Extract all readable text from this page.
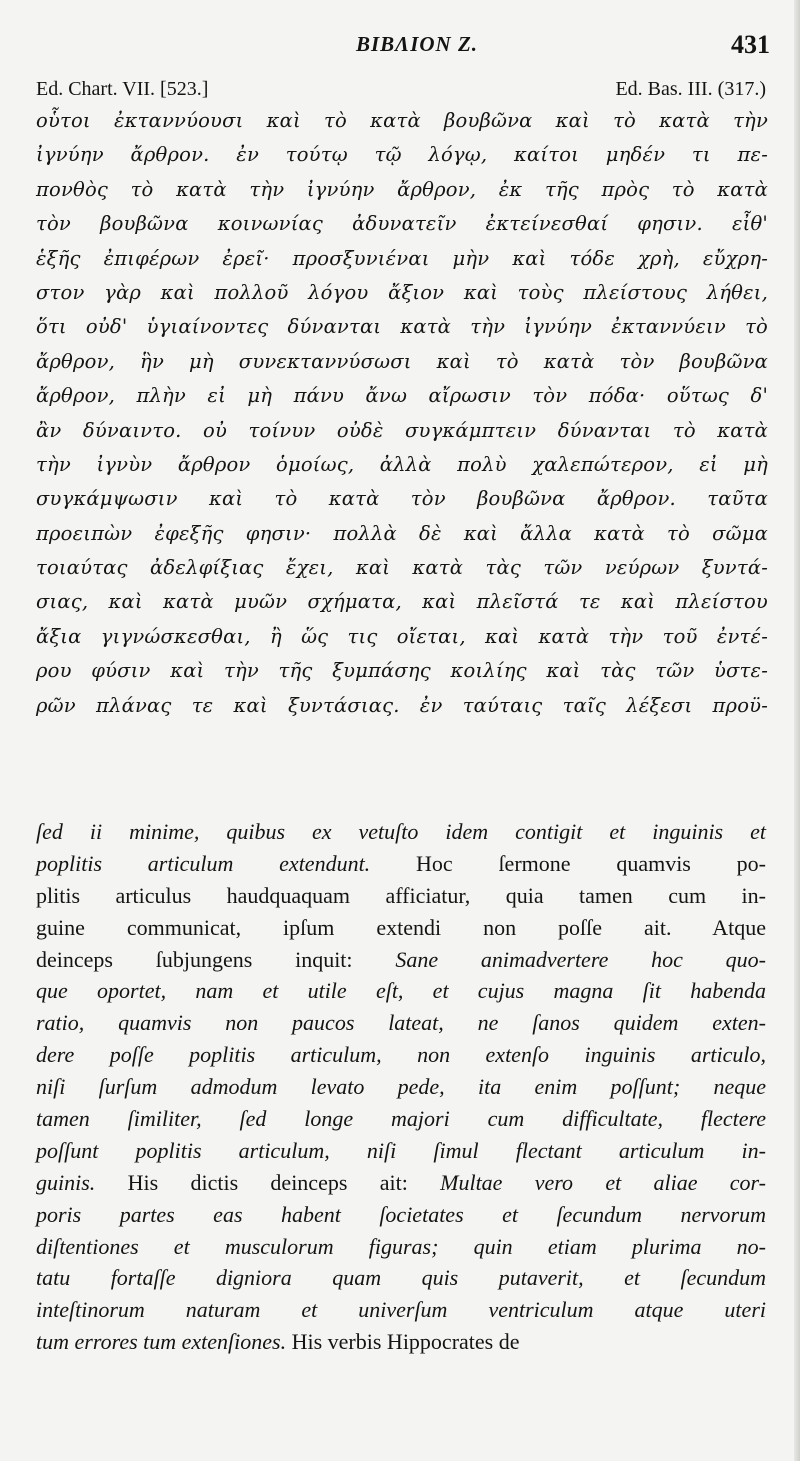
ΒΙΒΛΙΟΝ Ζ.	431
Ed. Chart. VII. [523.]	Ed. Bas. III. (317.)
οὗτοι ἐκταννύουσι καὶ τὸ κατὰ βουβῶνα καὶ τὸ κατὰ τὴν
ἰγνύην ἄρθρον. ἐν τούτῳ τῷ λόγῳ, καίτοι μηδέν τι πε-
πονθὸς τὸ κατὰ τὴν ἰγνύην ἄρθρον, ἐκ τῆς πρὸς τὸ κατὰ
τὸν βουβῶνα κοινωνίας ἀδυνατεῖν ἐκτείνεσθαί φησιν. εἶθ'
ἑξῆς ἐπιφέρων ἐρεῖ· προσξυνιέναι μὴν καὶ τόδε χρὴ, εὔχρη-
στον γὰρ καὶ πολλοῦ λόγου ἄξιον καὶ τοὺς πλείστους λήθει,
ὅτι οὐδ' ὑγιαίνοντες δύνανται κατὰ τὴν ἰγνύην ἐκταννύειν τὸ
ἄρθρον, ἣν μὴ συνεκταννύσωσι καὶ τὸ κατὰ τὸν βουβῶνα
ἄρθρον, πλὴν εἰ μὴ πάνυ ἄνω αἴρωσιν τὸν πόδα· οὕτως δ'
ἂν δύναιντο. οὐ τοίνυν οὐδὲ συγκάμπτειν δύνανται τὸ κατὰ
τὴν ἰγνὺν ἄρθρον ὁμοίως, ἀλλὰ πολὺ χαλεπώτερον, εἰ μὴ
συγκάμψωσιν καὶ τὸ κατὰ τὸν βουβῶνα ἄρθρον. ταῦτα
προειπὼν ἐφεξῆς φησιν· πολλὰ δὲ καὶ ἄλλα κατὰ τὸ σῶμα
τοιαύτας ἀδελφίξιας ἔχει, καὶ κατὰ τὰς τῶν νεύρων ξυντά-
σιας, καὶ κατὰ μυῶν σχήματα, καὶ πλεῖστά τε καὶ πλείστου
ἄξια γιγνώσκεσθαι, ἢ ὥς τις οἴεται, καὶ κατὰ τὴν τοῦ ἐντέ-
ρου φύσιν καὶ τὴν τῆς ξυμπάσης κοιλίης καὶ τὰς τῶν ὑστε-
ρῶν πλάνας τε καὶ ξυντάσιας. ἐν ταύταις ταῖς λέξεσι προϋ-
ſed ii minime, quibus ex vetuſto idem contigit et inguinis et
poplitis articulum extendunt. Hoc ſermone quamvis po-
plitis articulus haudquaquam afficiatur, quia tamen cum in-
guine communicat, ipſum extendi non poſſe ait. Atque
deinceps ſubjungens inquit: Sane animadvertere hoc quo-
que oportet, nam et utile eſt, et cujus magna ſit habenda
ratio, quamvis non paucos lateat, ne ſanos quidem exten-
dere poſſe poplitis articulum, non extenſo inguinis articulo,
niſi ſurſum admodum levato pede, ita enim poſſunt; neque
tamen ſimiliter, ſed longe majori cum difficultate, flectere
poſſunt poplitis articulum, niſi ſimul flectant articulum in-
guinis. His dictis deinceps ait: Multae vero et aliae cor-
poris partes eas habent ſocietates et ſecundum nervorum
diſtentiones et musculorum figuras; quin etiam plurima no-
tatu fortaſſe digniora quam quis putaverit, et ſecundum
inteſtinorum naturam et univerſum ventriculum atque uteri
tum errores tum extenſiones. His verbis Hippocrates de
